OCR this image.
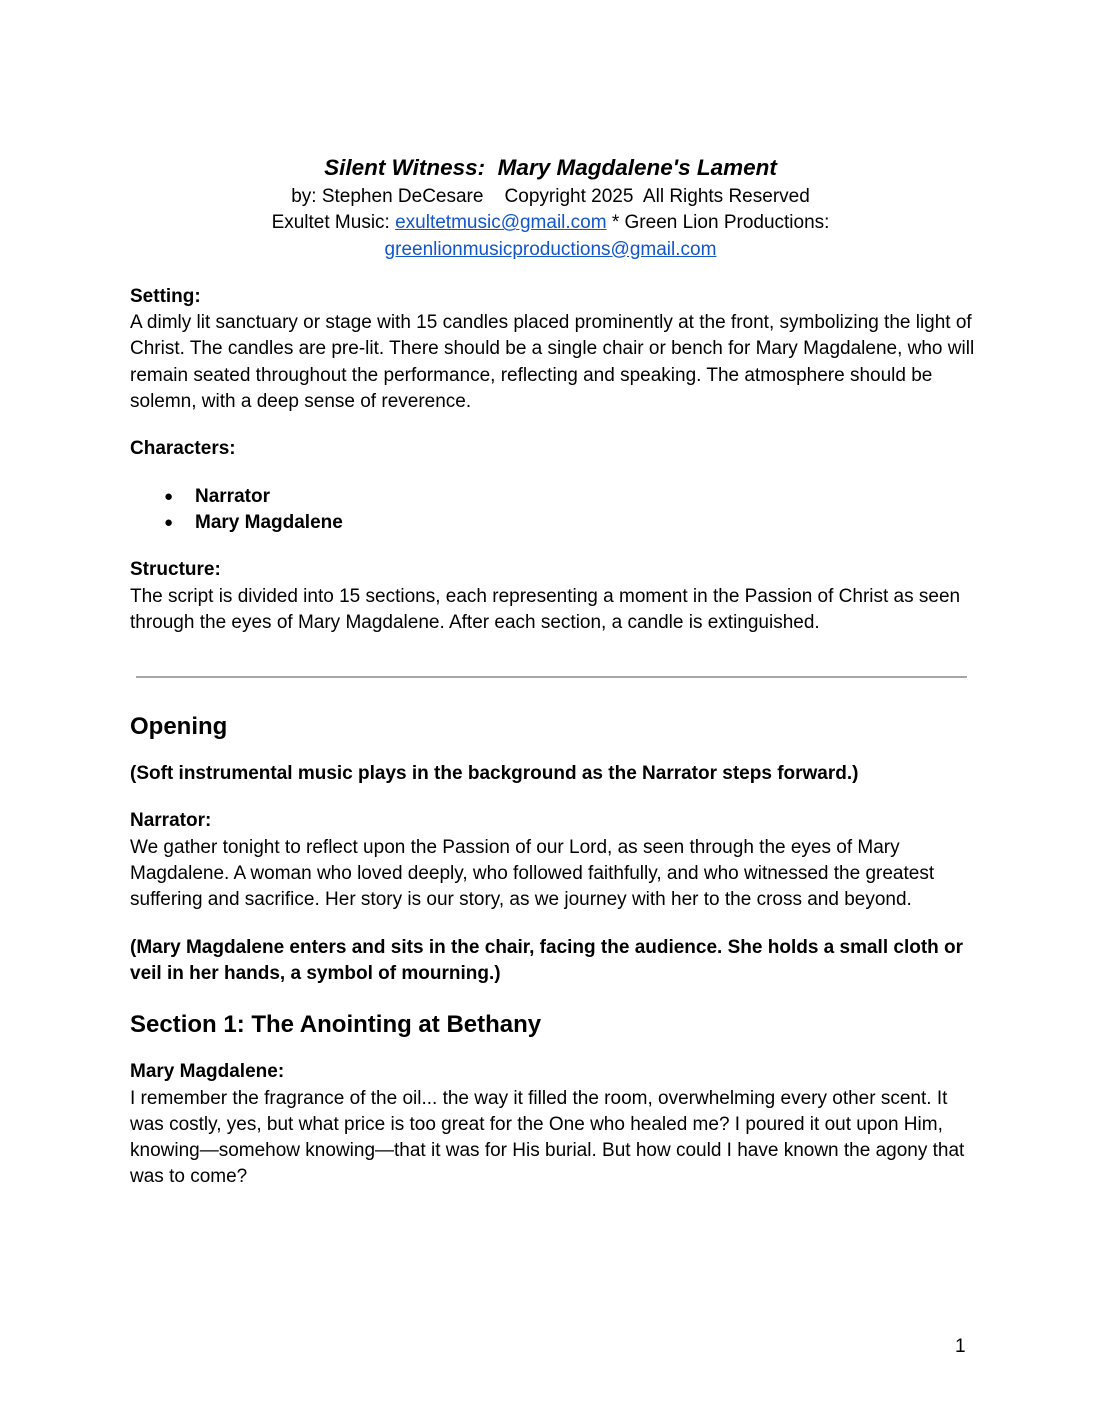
Silent Witness:  Mary Magdalene's Lament
by: Stephen DeCesare    Copyright 2025  All Rights Reserved
Exultet Music: exultetmusic@gmail.com * Green Lion Productions:
greenlionmusicproductions@gmail.com
Setting:

A dimly lit sanctuary or stage with 15 candles placed prominently at the front, symbolizing the light of Christ. The candles are pre-lit. There should be a single chair or bench for Mary Magdalene, who will remain seated throughout the performance, reflecting and speaking. The atmosphere should be solemn, with a deep sense of reverence.

Characters:
● Narrator
● Mary Magdalene
Structure:

The script is divided into 15 sections, each representing a moment in the Passion of Christ as seen through the eyes of Mary Magdalene. After each section, a candle is extinguished.

Opening

(Soft instrumental music plays in the background as the Narrator steps forward.)

Narrator:

We gather tonight to reflect upon the Passion of our Lord, as seen through the eyes of Mary Magdalene. A woman who loved deeply, who followed faithfully, and who witnessed the greatest suffering and sacrifice. Her story is our story, as we journey with her to the cross and beyond.

(Mary Magdalene enters and sits in the chair, facing the audience. She holds a small cloth or veil in her hands, a symbol of mourning.)

Section 1: The Anointing at Bethany
Mary Magdalene:

I remember the fragrance of the oil... the way it filled the room, overwhelming every other scent. It was costly, yes, but what price is too great for the One who healed me? I poured it out upon Him, knowing—somehow knowing—that it was for His burial. But how could I have known the agony that was to come?

1
